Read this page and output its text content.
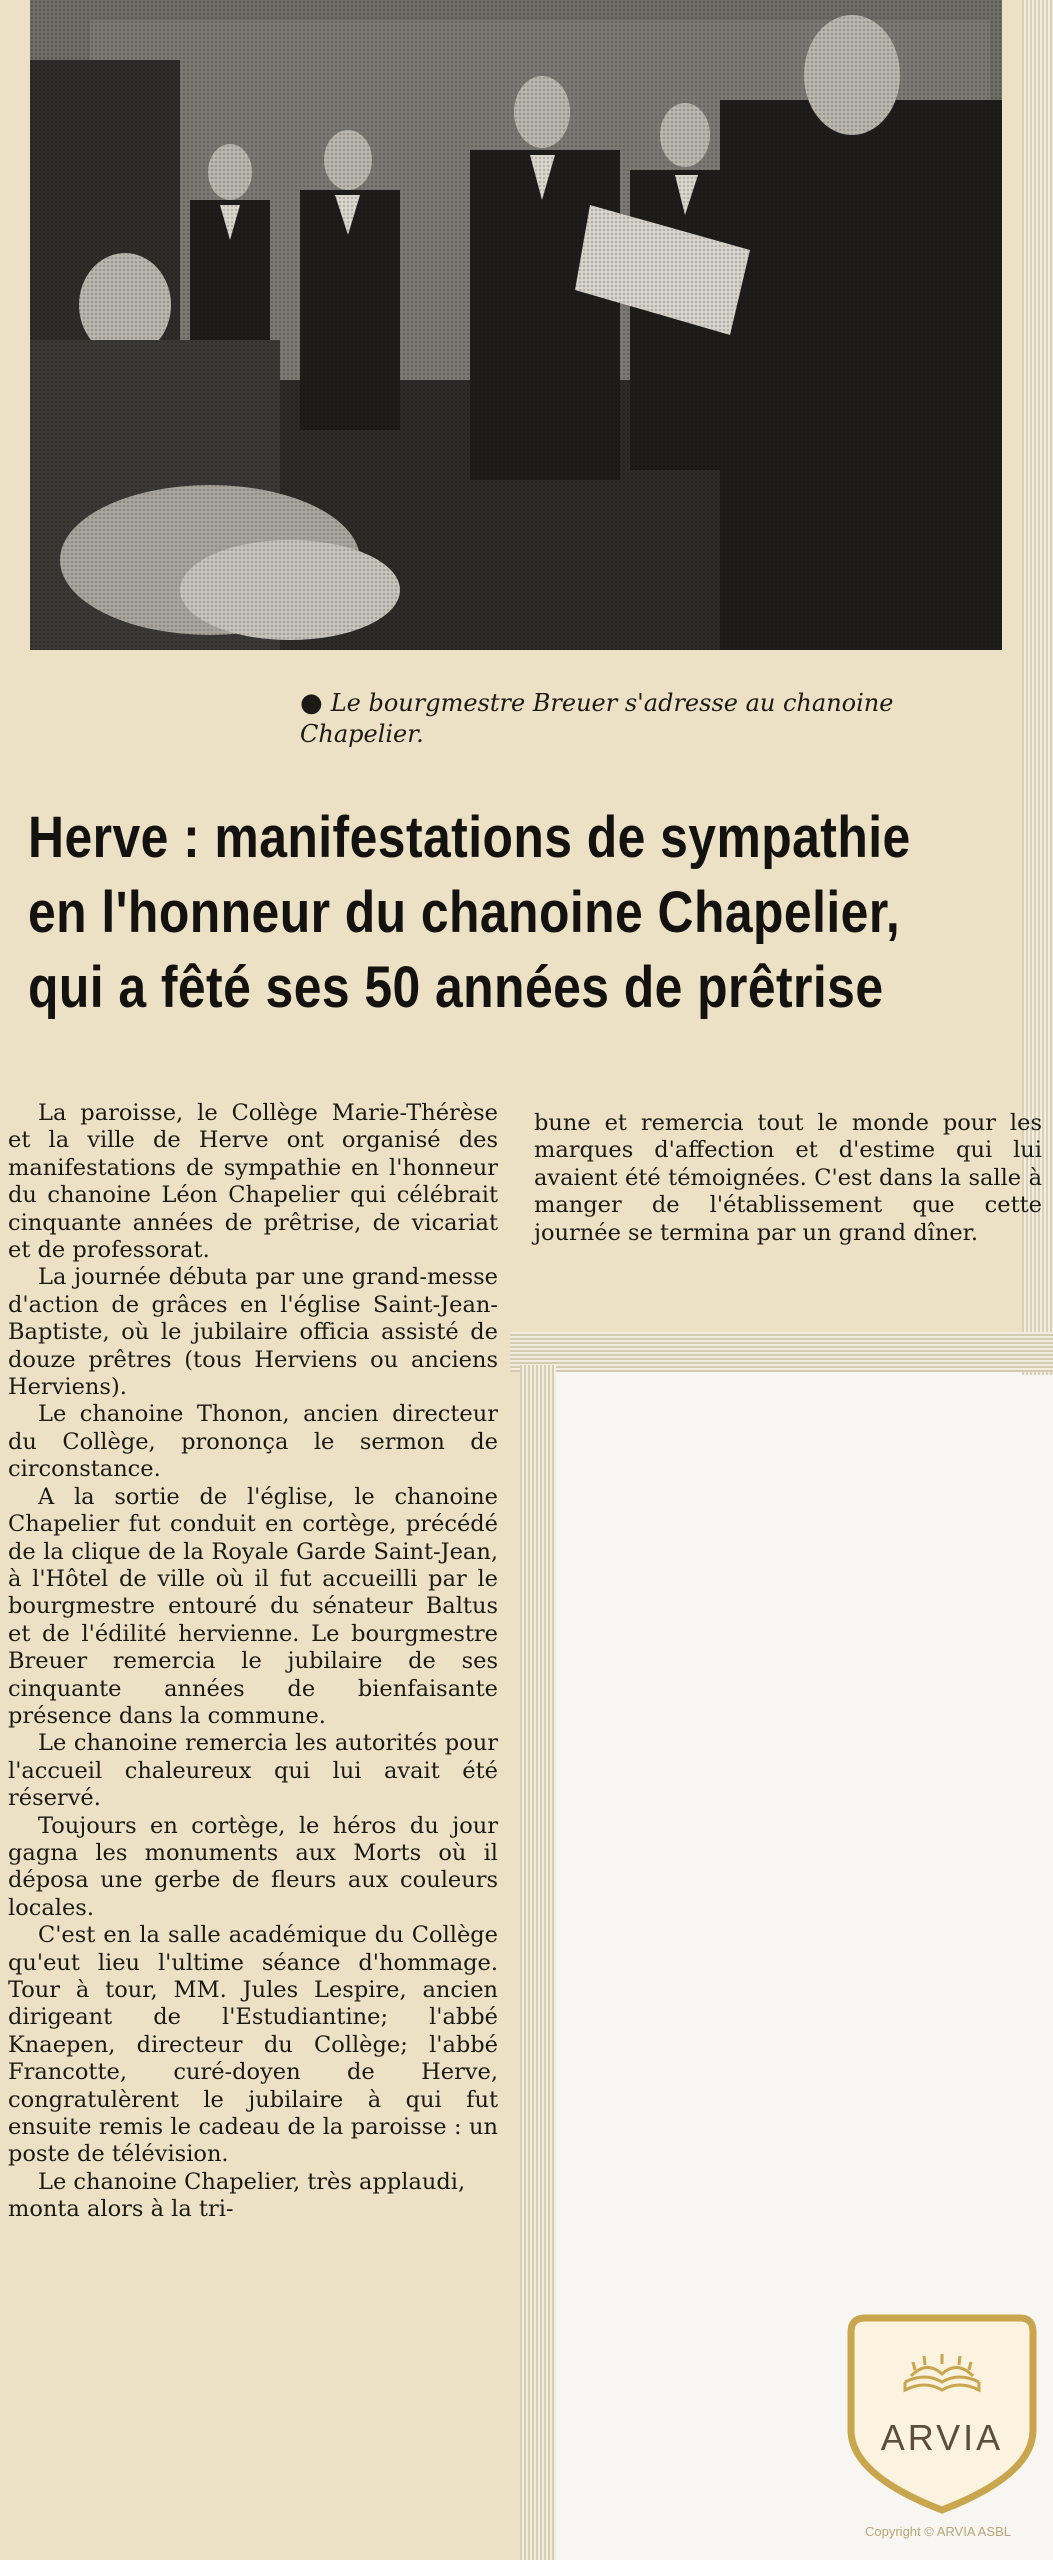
● Le bourgmestre Breuer s'adresse au chanoine
Chapelier.
Herve : manifestations de sympathie
en l'honneur du chanoine Chapelier,
qui a fêté ses 50 années de prêtrise

La paroisse, le Collège Marie-Thérèse et la ville de Herve ont organisé des manifestations de sympathie en l'honneur du chanoine Léon Chapelier qui célébrait cinquante années de prêtrise, de vicariat et de professorat.

La journée débuta par une grand-messe d'action de grâces en l'église Saint-Jean-Baptiste, où le jubilaire officia assisté de douze prêtres (tous Herviens ou anciens Herviens).

Le chanoine Thonon, ancien directeur du Collège, prononça le sermon de circonstance.

A la sortie de l'église, le chanoine Chapelier fut conduit en cortège, précédé de la clique de la Royale Garde Saint-Jean, à l'Hôtel de ville où il fut accueilli par le bourgmestre entouré du sénateur Baltus et de l'édilité hervienne. Le bourgmestre Breuer remercia le jubilaire de ses cinquante années de bienfaisante présence dans la commune.

Le chanoine remercia les autorités pour l'accueil chaleureux qui lui avait été réservé.

Toujours en cortège, le héros du jour gagna les monuments aux Morts où il déposa une gerbe de fleurs aux couleurs locales.

C'est en la salle académique du Collège qu'eut lieu l'ultime séance d'hommage. Tour à tour, MM. Jules Lespire, ancien dirigeant de l'Estudiantine; l'abbé Knaepen, directeur du Collège; l'abbé Francotte, curé-doyen de Herve, congratulèrent le jubilaire à qui fut ensuite remis le cadeau de la paroisse : un poste de télévision.

Le chanoine Chapelier, très applaudi, monta alors à la tri-

bune et remercia tout le monde pour les marques d'affection et d'estime qui lui avaient été témoignées. C'est dans la salle à manger de l'établissement que cette journée se termina par un grand dîner.

ARVIA
Copyright © ARVIA ASBL
